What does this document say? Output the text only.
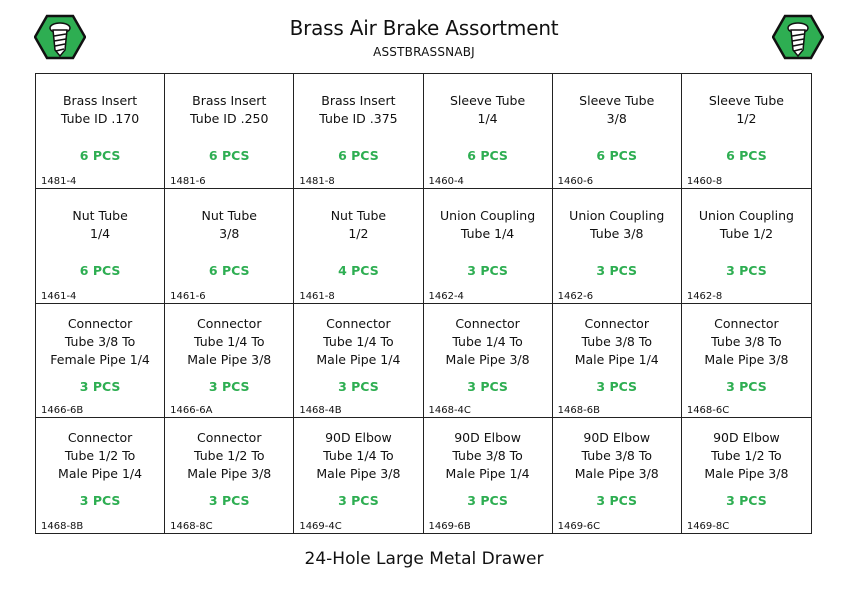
Brass Air Brake Assortment
ASSTBRASSNABJ
Brass Insert
Tube ID .170
6 PCS
1481-4
Brass Insert
Tube ID .250
6 PCS
1481-6
Brass Insert
Tube ID .375
6 PCS
1481-8
Sleeve Tube
1/4
6 PCS
1460-4
Sleeve Tube
3/8
6 PCS
1460-6
Sleeve Tube
1/2
6 PCS
1460-8
Nut Tube
1/4
6 PCS
1461-4
Nut Tube
3/8
6 PCS
1461-6
Nut Tube
1/2
4 PCS
1461-8
Union Coupling
Tube 1/4
3 PCS
1462-4
Union Coupling
Tube 3/8
3 PCS
1462-6
Union Coupling
Tube 1/2
3 PCS
1462-8
Connector
Tube 3/8 To
Female Pipe 1/4
3 PCS
1466-6B
Connector
Tube 1/4 To
Male Pipe 3/8
3 PCS
1466-6A
Connector
Tube 1/4 To
Male Pipe 1/4
3 PCS
1468-4B
Connector
Tube 1/4 To
Male Pipe 3/8
3 PCS
1468-4C
Connector
Tube 3/8 To
Male Pipe 1/4
3 PCS
1468-6B
Connector
Tube 3/8 To
Male Pipe 3/8
3 PCS
1468-6C
Connector
Tube 1/2 To
Male Pipe 1/4
3 PCS
1468-8B
Connector
Tube 1/2 To
Male Pipe 3/8
3 PCS
1468-8C
90D Elbow
Tube 1/4 To
Male Pipe 3/8
3 PCS
1469-4C
90D Elbow
Tube 3/8 To
Male Pipe 1/4
3 PCS
1469-6B
90D Elbow
Tube 3/8 To
Male Pipe 3/8
3 PCS
1469-6C
90D Elbow
Tube 1/2 To
Male Pipe 3/8
3 PCS
1469-8C
24-Hole Large Metal Drawer
